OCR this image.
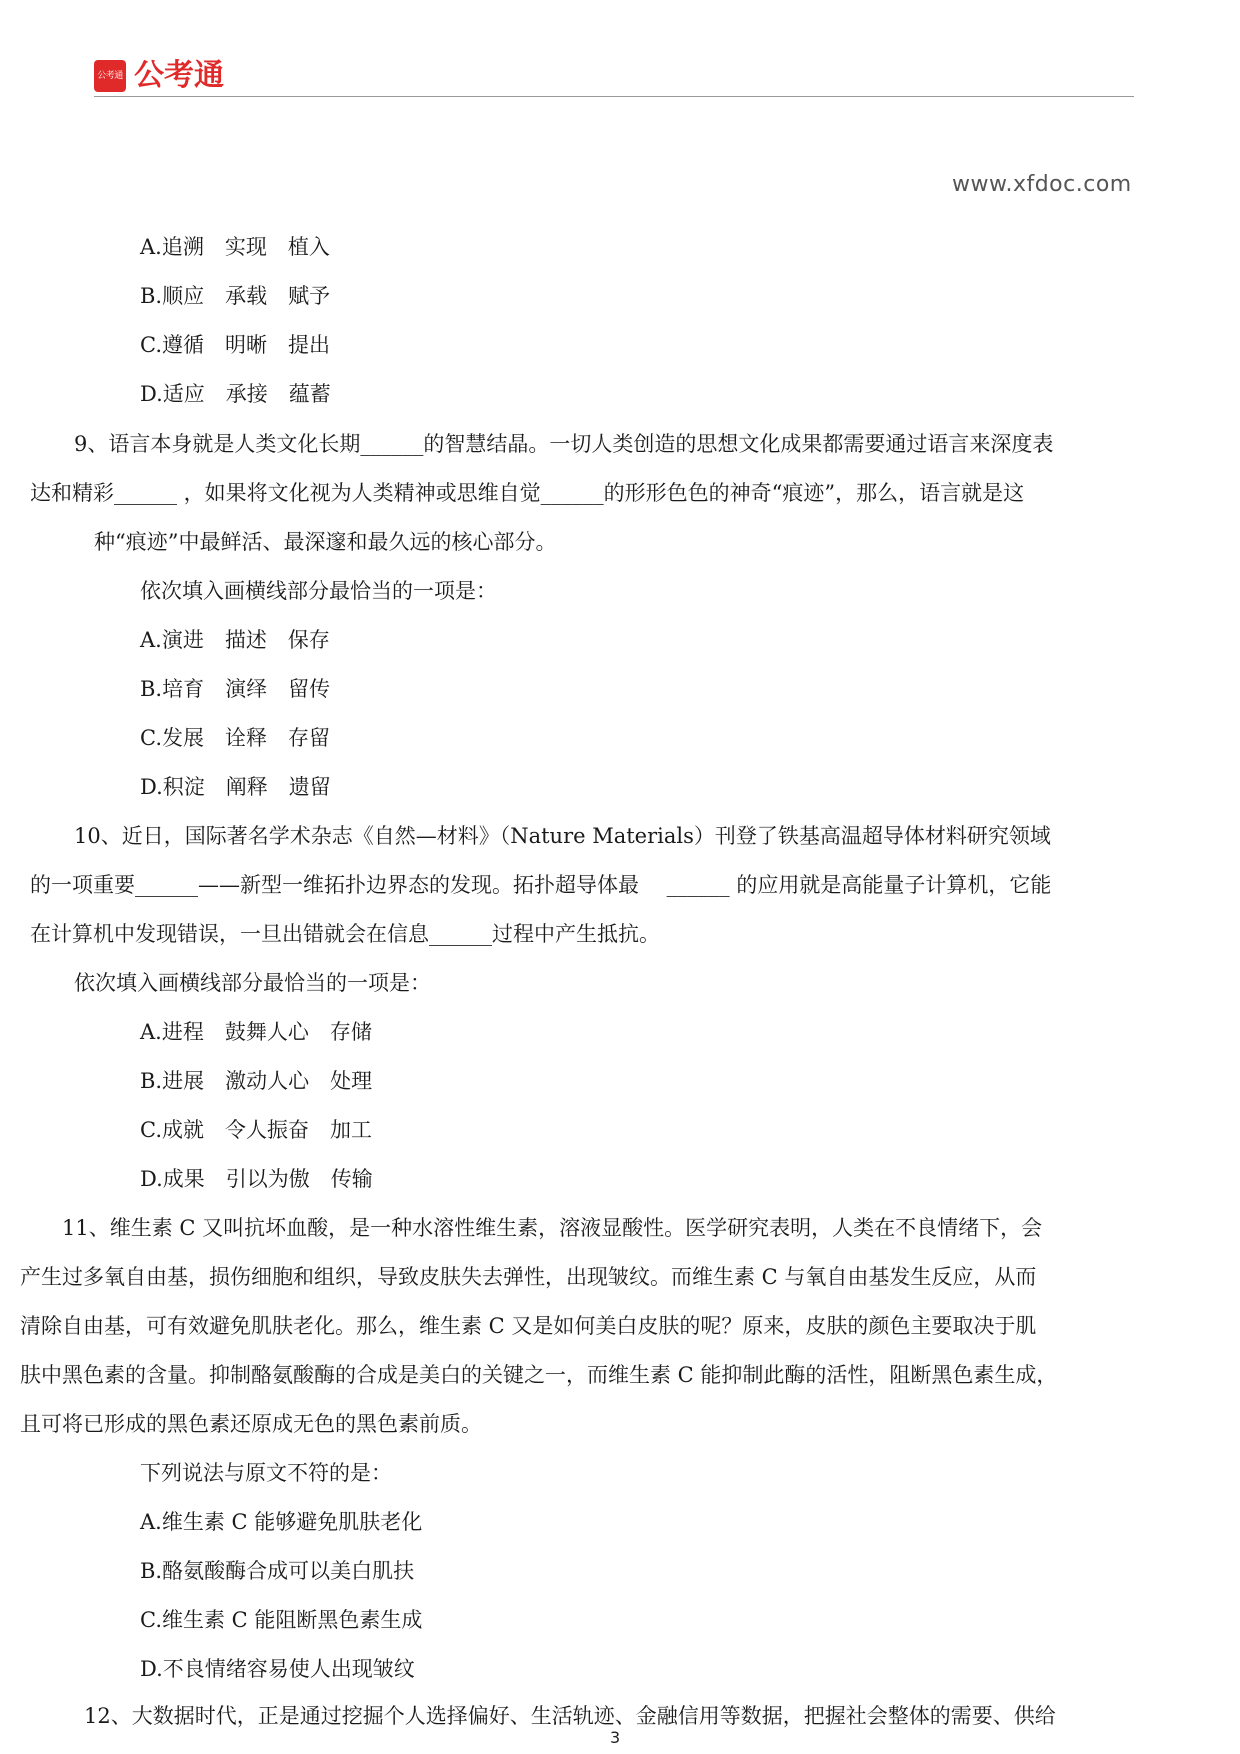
公考通 公考通
www.xfdoc.com
A.追溯　实现　植入
B.顺应　承载　赋予
C.遵循　明晰　提出
D.适应　承接　蕴蓄
9、语言本身就是人类文化长期______的智慧结晶。一切人类创造的思想文化成果都需要通过语言来深度表
达和精彩______ ，如果将文化视为人类精神或思维自觉______的形形色色的神奇“痕迹”，那么，语言就是这
种“痕迹”中最鲜活、最深邃和最久远的核心部分。
依次填入画横线部分最恰当的一项是：
A.演进　描述　保存
B.培育　演绎　留传
C.发展　诠释　存留
D.积淀　阐释　遗留
10、近日，国际著名学术杂志《自然—材料》（Nature Materials）刊登了铁基高温超导体材料研究领域
的一项重要______——新型一维拓扑边界态的发现。拓扑超导体最　 ______ 的应用就是高能量子计算机，它能
在计算机中发现错误，一旦出错就会在信息______过程中产生抵抗。
依次填入画横线部分最恰当的一项是：
A.进程　鼓舞人心　存储
B.进展　激动人心　处理
C.成就　令人振奋　加工
D.成果　引以为傲　传输
11、维生素 C 又叫抗坏血酸，是一种水溶性维生素，溶液显酸性。医学研究表明，人类在不良情绪下，会
产生过多氧自由基，损伤细胞和组织，导致皮肤失去弹性，出现皱纹。而维生素 C 与氧自由基发生反应，从而
清除自由基，可有效避免肌肤老化。那么，维生素 C 又是如何美白皮肤的呢？原来，皮肤的颜色主要取决于肌
肤中黑色素的含量。抑制酪氨酸酶的合成是美白的关键之一，而维生素 C 能抑制此酶的活性，阻断黑色素生成，
且可将已形成的黑色素还原成无色的黑色素前质。
下列说法与原文不符的是：
A.维生素 C 能够避免肌肤老化
B.酪氨酸酶合成可以美白肌扶
C.维生素 C 能阻断黑色素生成
D.不良情绪容易使人出现皱纹
12、大数据时代，正是通过挖掘个人选择偏好、生活轨迹、金融信用等数据，把握社会整体的需要、供给
3
